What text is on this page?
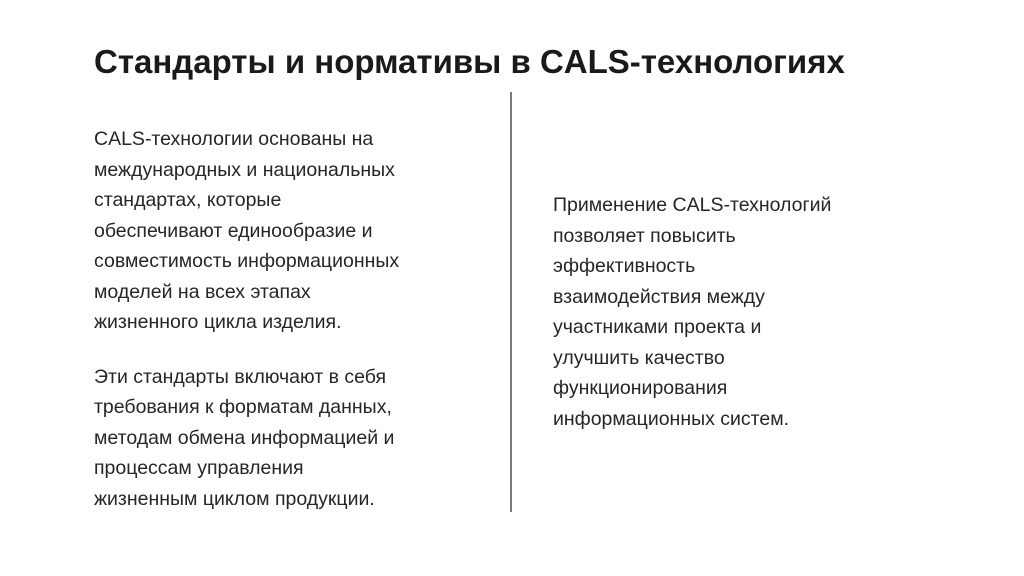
Стандарты и нормативы в CALS-технологиях

CALS-технологии основаны на
международных и национальных
стандартах, которые
обеспечивают единообразие и
совместимость информационных
моделей на всех этапах
жизненного цикла изделия.

Эти стандарты включают в себя
требования к форматам данных,
методам обмена информацией и
процессам управления
жизненным циклом продукции.

Применение CALS-технологий
позволяет повысить
эффективность
взаимодействия между
участниками проекта и
улучшить качество
функционирования
информационных систем.
